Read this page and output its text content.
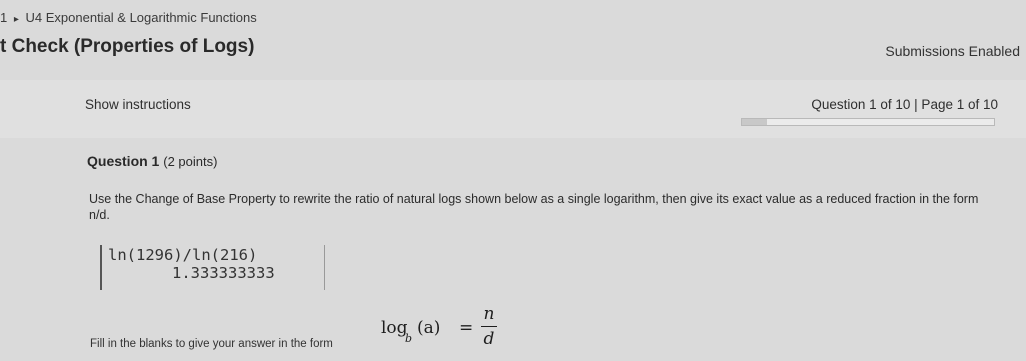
1 ▸ U4 Exponential & Logarithmic Functions
t Check (Properties of Logs)	Submissions Enabled
Show instructions	Question 1 of 10 | Page 1 of 10
Question 1 (2 points)
Use the Change of Base Property to rewrite the ratio of natural logs shown below as a single logarithm, then give its exact value as a reduced fraction in the form n/d.
ln(1296)/ln(216)
1.333333333
Fill in the blanks to give your answer in the form
log
b
(a) =
n
d
